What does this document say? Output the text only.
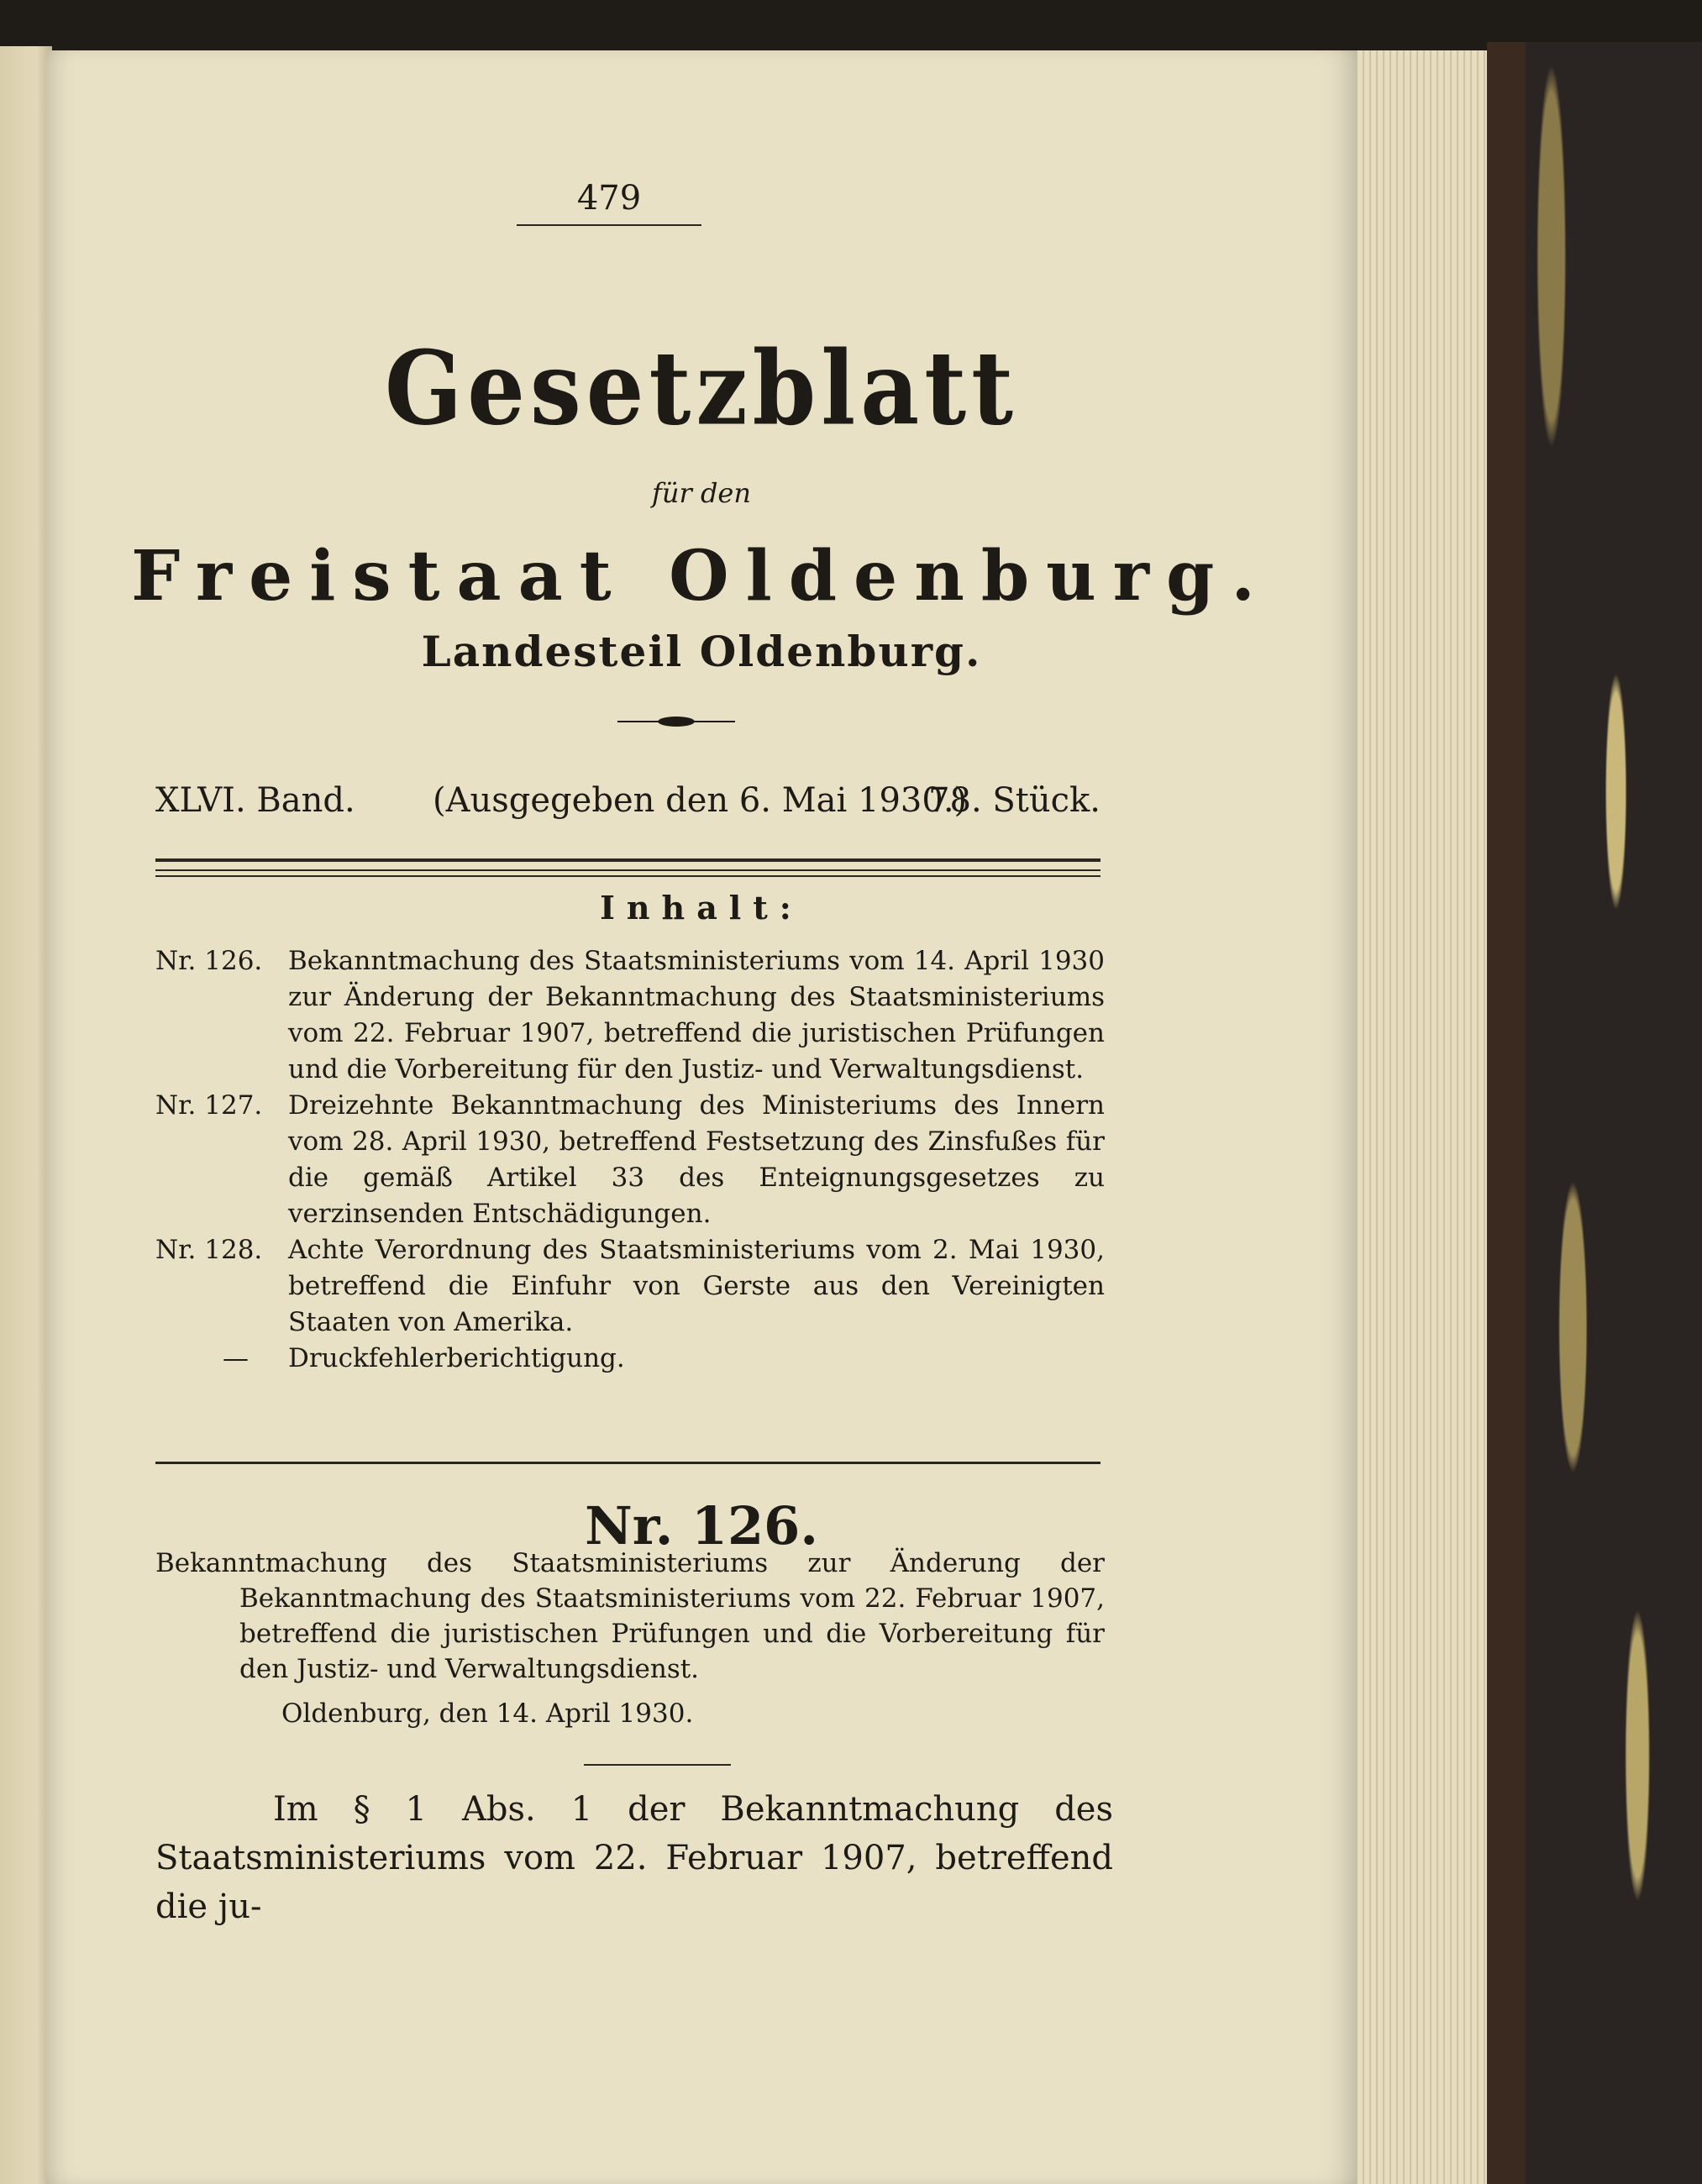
479
Gesetzblatt
für den
Freistaat Oldenburg.
Landesteil Oldenburg.
XLVI. Band. (Ausgegeben den 6. Mai 1930.)
78. Stück.
Inhalt:
Nr. 126. Bekanntmachung des Staatsministeriums vom 14. April 1930 zur Änderung der Bekanntmachung des Staatsministeriums vom 22. Februar 1907, betreffend die juristischen Prüfungen und die Vorbereitung für den Justiz- und Verwaltungsdienst.
Nr. 127. Dreizehnte Bekanntmachung des Ministeriums des Innern vom 28. April 1930, betreffend Festsetzung des Zinsfußes für die gemäß Artikel 33 des Enteignungsgesetzes zu verzinsenden Entschädigungen.
Nr. 128. Achte Verordnung des Staatsministeriums vom 2. Mai 1930, betreffend die Einfuhr von Gerste aus den Vereinigten Staaten von Amerika.
— Druckfehlerberichtigung.
Nr. 126.

Bekanntmachung des Staatsministeriums zur Änderung der Bekanntmachung des Staatsministeriums vom 22. Februar 1907, betreffend die juristischen Prüfungen und die Vorbereitung für den Justiz- und Verwaltungsdienst.

Oldenburg, den 14. April 1930.
Im § 1 Abs. 1 der Bekanntmachung des Staatsministeriums vom 22. Februar 1907, betreffend die ju-
